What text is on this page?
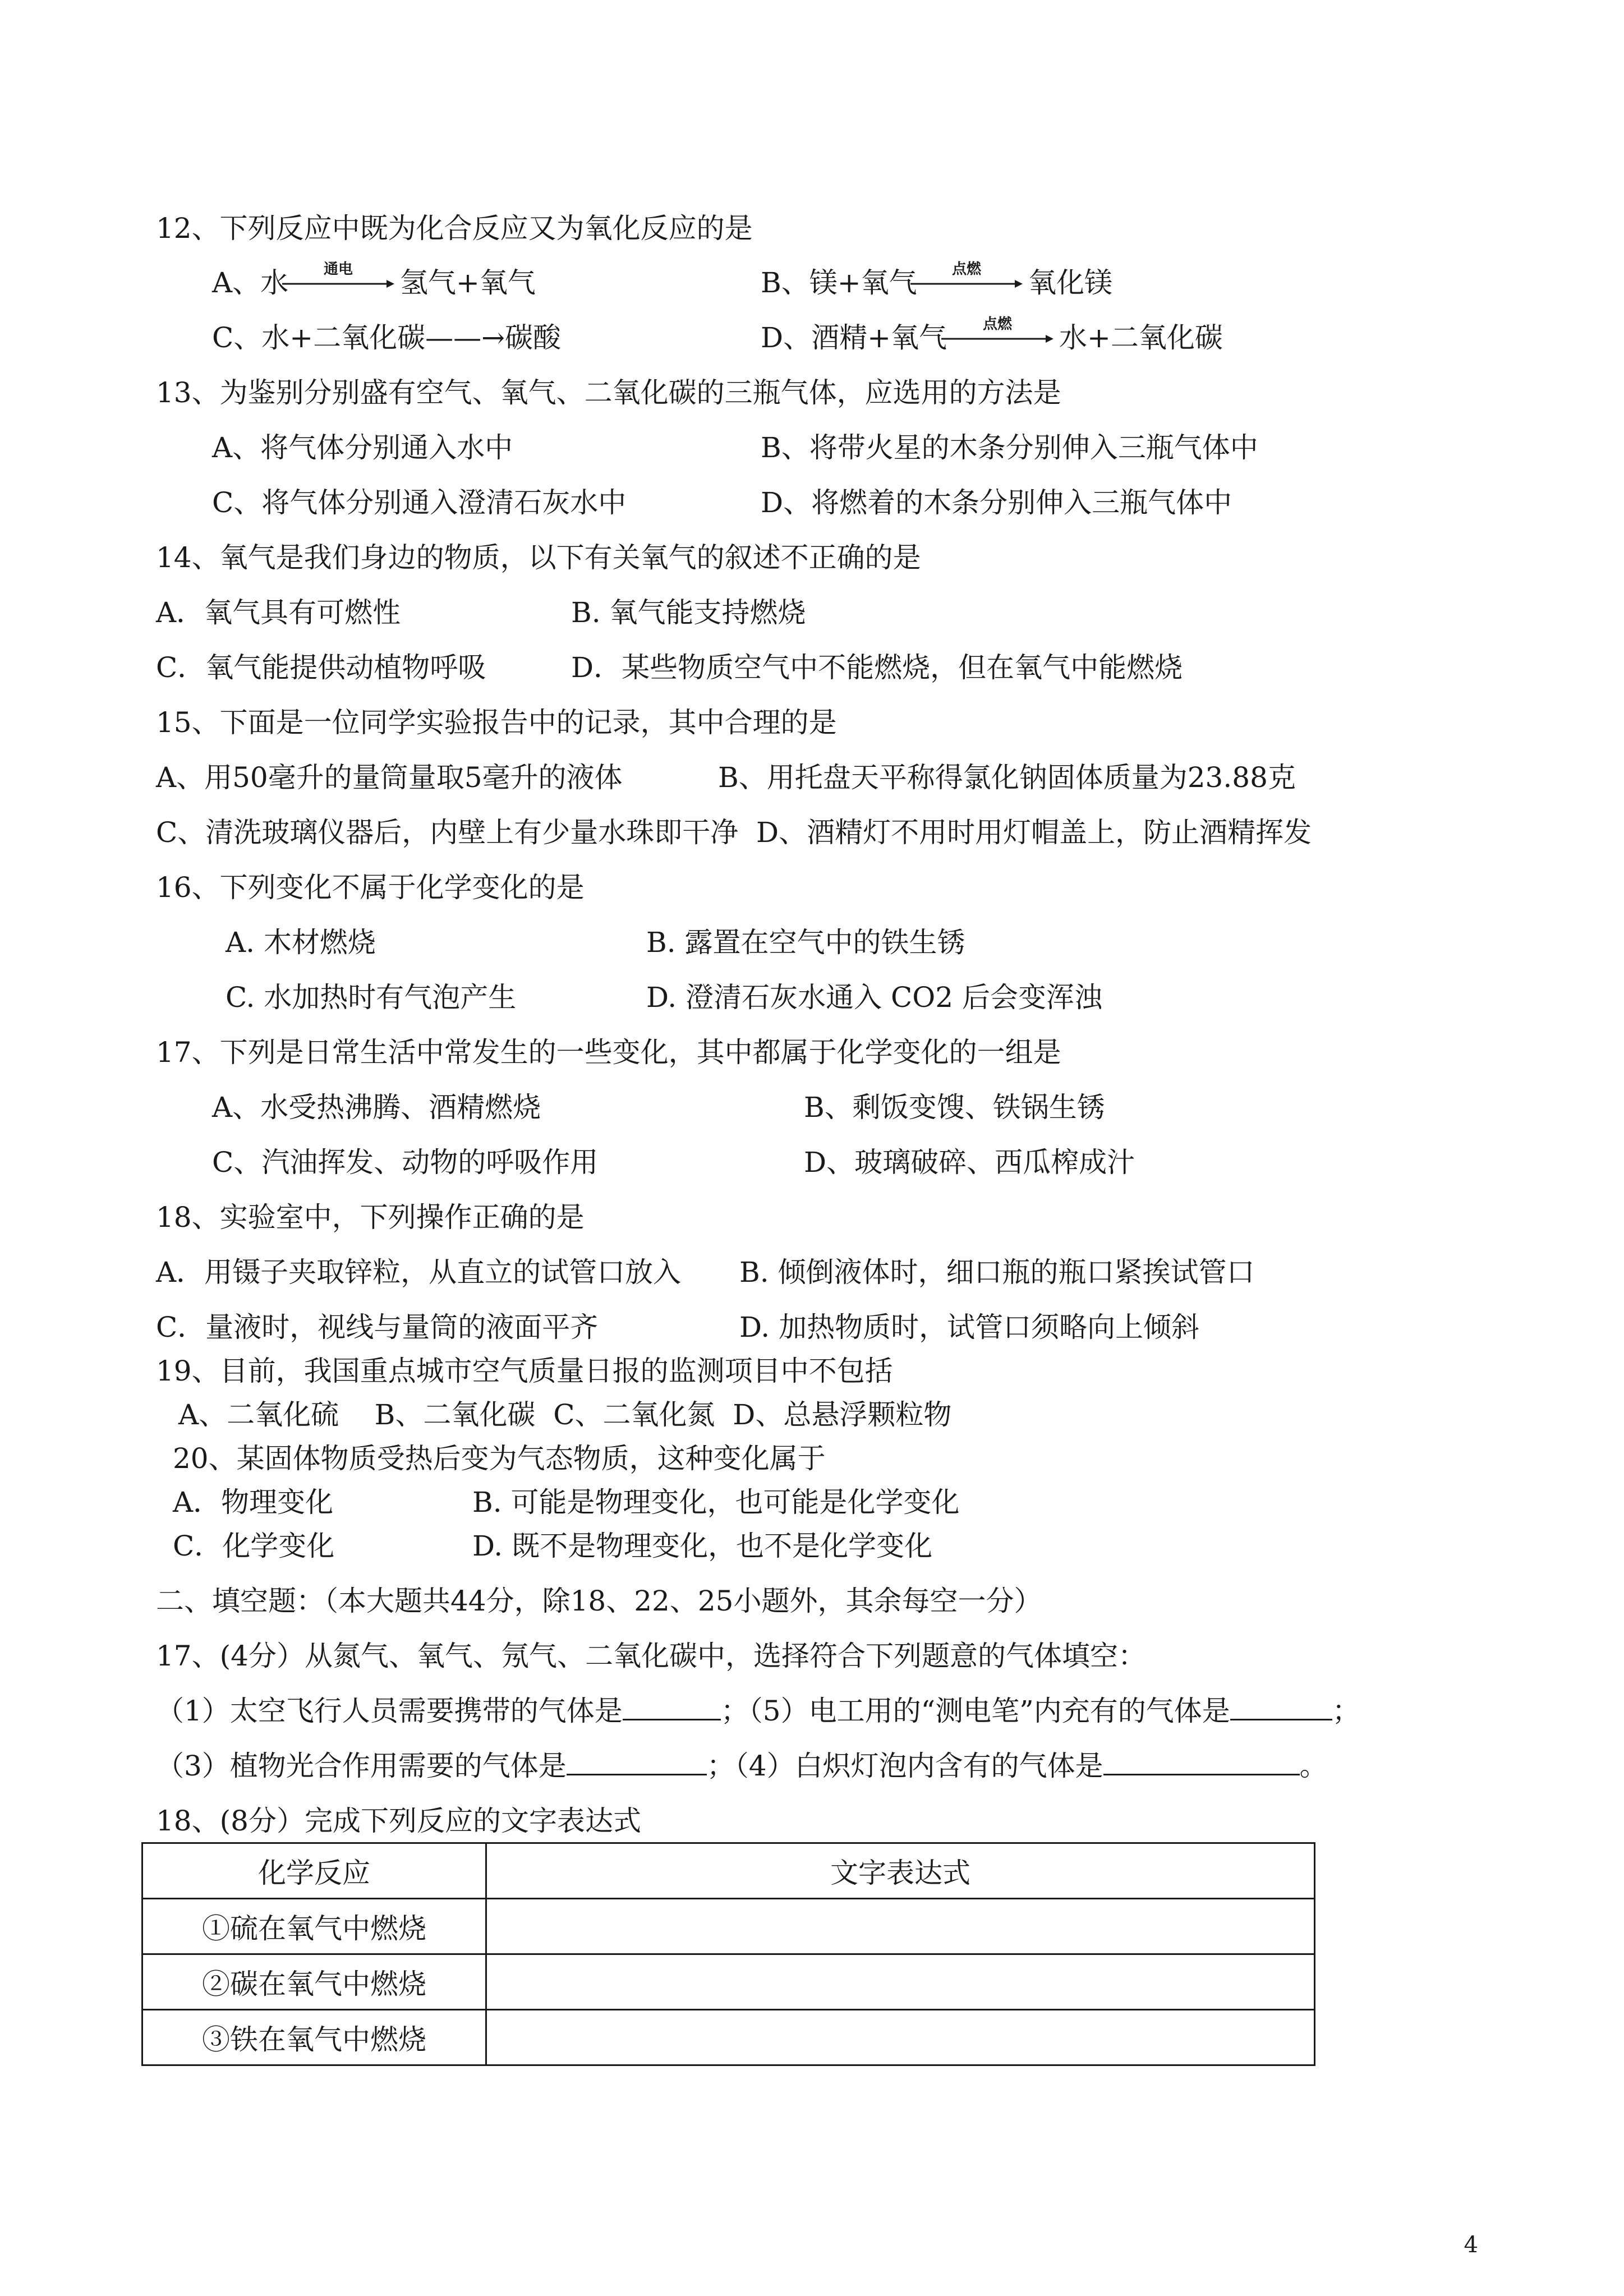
12、下列反应中既为化合反应又为氧化反应的是
A、水	通电	氢气+氧气	B、镁+氧气	点燃	氧化镁
C、水+二氧化碳——→碳酸	D、酒精+氧气	点燃	水+二氧化碳
13、为鉴别分别盛有空气、氧气、二氧化碳的三瓶气体，应选用的方法是
A、将气体分别通入水中	B、将带火星的木条分别伸入三瓶气体中
C、将气体分别通入澄清石灰水中	D、将燃着的木条分别伸入三瓶气体中
14、氧气是我们身边的物质，以下有关氧气的叙述不正确的是
A．氧气具有可燃性	B. 氧气能支持燃烧
C．氧气能提供动植物呼吸	D．某些物质空气中不能燃烧，但在氧气中能燃烧
15、下面是一位同学实验报告中的记录，其中合理的是
A、用50毫升的量筒量取5毫升的液体	B、用托盘天平称得氯化钠固体质量为23.88克
C、清洗玻璃仪器后，内壁上有少量水珠即干净 D、酒精灯不用时用灯帽盖上，防止酒精挥发
16、下列变化不属于化学变化的是
A. 木材燃烧	B. 露置在空气中的铁生锈
C. 水加热时有气泡产生	D. 澄清石灰水通入 CO2 后会变浑浊
17、下列是日常生活中常发生的一些变化，其中都属于化学变化的一组是
A、水受热沸腾、酒精燃烧	B、剩饭变馊、铁锅生锈
C、汽油挥发、动物的呼吸作用	D、玻璃破碎、西瓜榨成汁
18、实验室中，下列操作正确的是
A．用镊子夹取锌粒，从直立的试管口放入 B. 倾倒液体时，细口瓶的瓶口紧挨试管口
C．量液时，视线与量筒的液面平齐	D. 加热物质时，试管口须略向上倾斜
19、目前，我国重点城市空气质量日报的监测项目中不包括
A、二氧化硫    B、二氧化碳  C、二氧化氮  D、总悬浮颗粒物
20、某固体物质受热后变为气态物质，这种变化属于
A．物理变化	B. 可能是物理变化，也可能是化学变化
C．化学变化	D. 既不是物理变化，也不是化学变化
二、填空题：（本大题共44分，除18、22、25小题外，其余每空一分）
17、(4分）从氮气、氧气、氖气、二氧化碳中，选择符合下列题意的气体填空：
（1）太空飞行人员需要携带的气体是	；（5）电工用的“测电笔”内充有的气体是	；
（3）植物光合作用需要的气体是	；（4）白炽灯泡内含有的气体是	。
18、(8分）完成下列反应的文字表达式
化学反应	文字表达式
①硫在氧气中燃烧	
②碳在氧气中燃烧	
③铁在氧气中燃烧	
4
